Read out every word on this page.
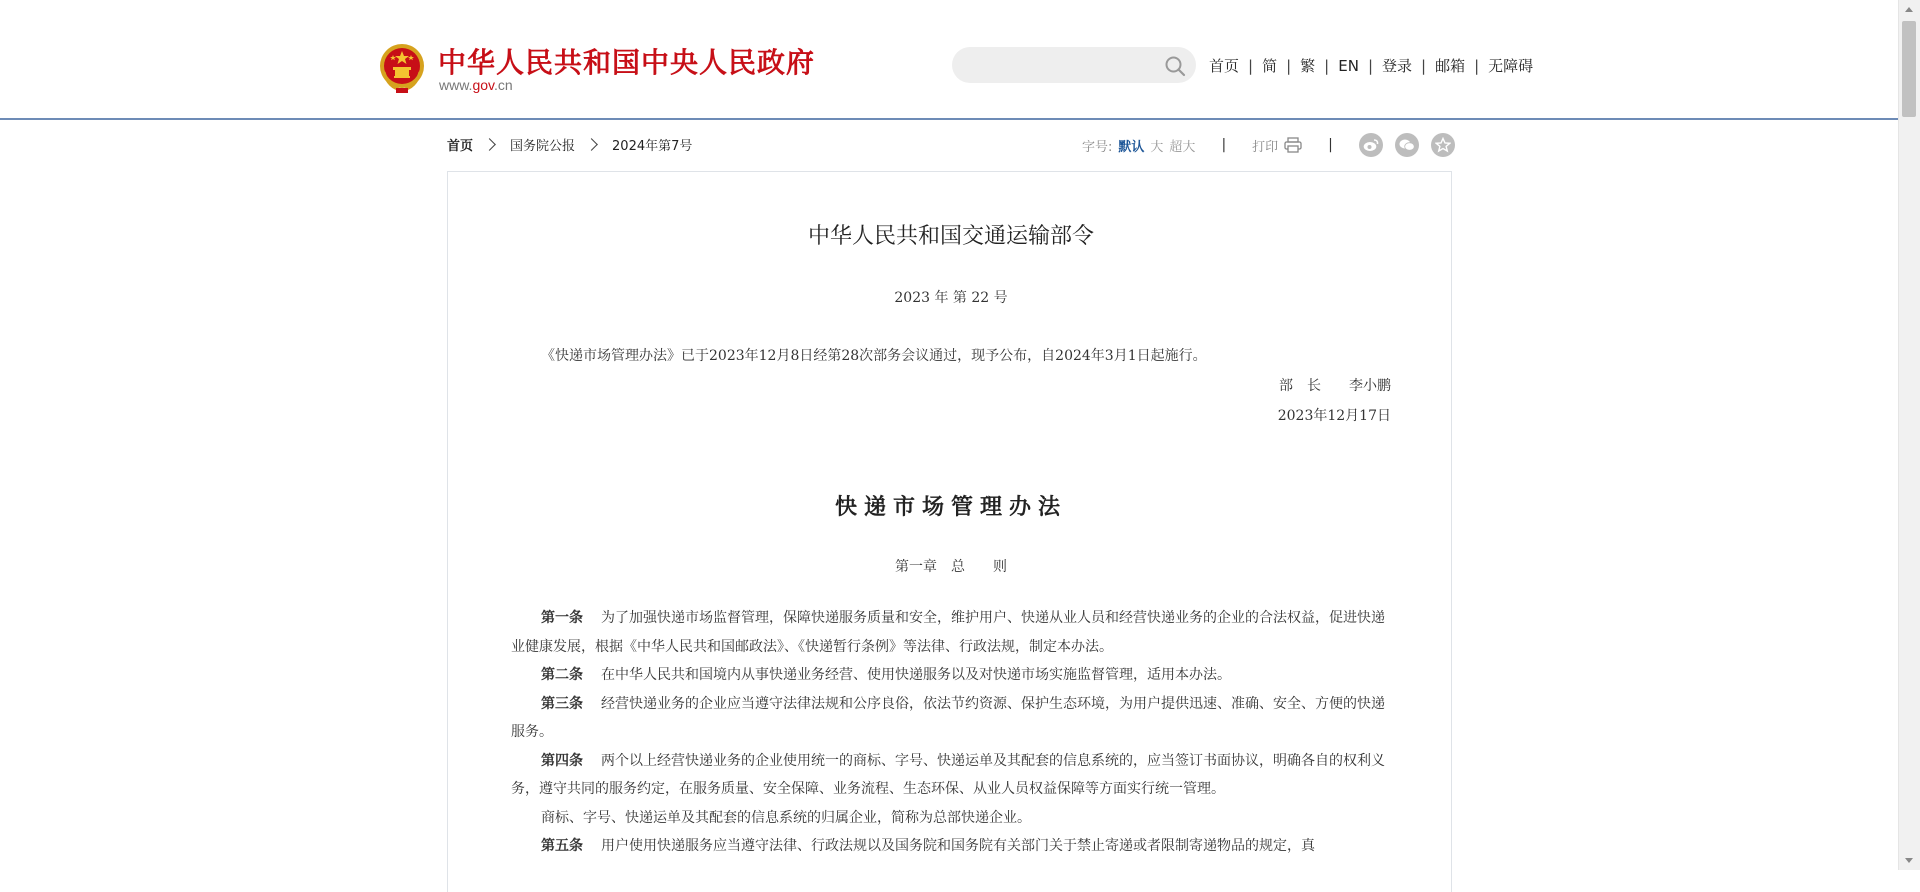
中华人民共和国中央人民政府
www.gov.cn
首页 | 简 | 繁 | EN | 登录 | 邮箱 | 无障碍
首页	国务院公报	2024年第7号	字号: 默认 大 超大 | 打印	|
中华人民共和国交通运输部令
2023 年 第 22 号
《快递市场管理办法》已于2023年12月8日经第28次部务会议通过，现予公布，自2024年3月1日起施行。
部　长 李小鹏
2023年12月17日
快递市场管理办法
第一章　总　　则

第一条 为了加强快递市场监督管理，保障快递服务质量和安全，维护用户、快递从业人员和经营快递业务的企业的合法权益，促进快递业健康发展，根据《中华人民共和国邮政法》、《快递暂行条例》等法律、行政法规，制定本办法。

第二条 在中华人民共和国境内从事快递业务经营、使用快递服务以及对快递市场实施监督管理，适用本办法。

第三条 经营快递业务的企业应当遵守法律法规和公序良俗，依法节约资源、保护生态环境，为用户提供迅速、准确、安全、方便的快递服务。

第四条 两个以上经营快递业务的企业使用统一的商标、字号、快递运单及其配套的信息系统的，应当签订书面协议，明确各自的权利义务，遵守共同的服务约定，在服务质量、安全保障、业务流程、生态环保、从业人员权益保障等方面实行统一管理。

商标、字号、快递运单及其配套的信息系统的归属企业，简称为总部快递企业。

第五条 用户使用快递服务应当遵守法律、行政法规以及国务院和国务院有关部门关于禁止寄递或者限制寄递物品的规定，真
